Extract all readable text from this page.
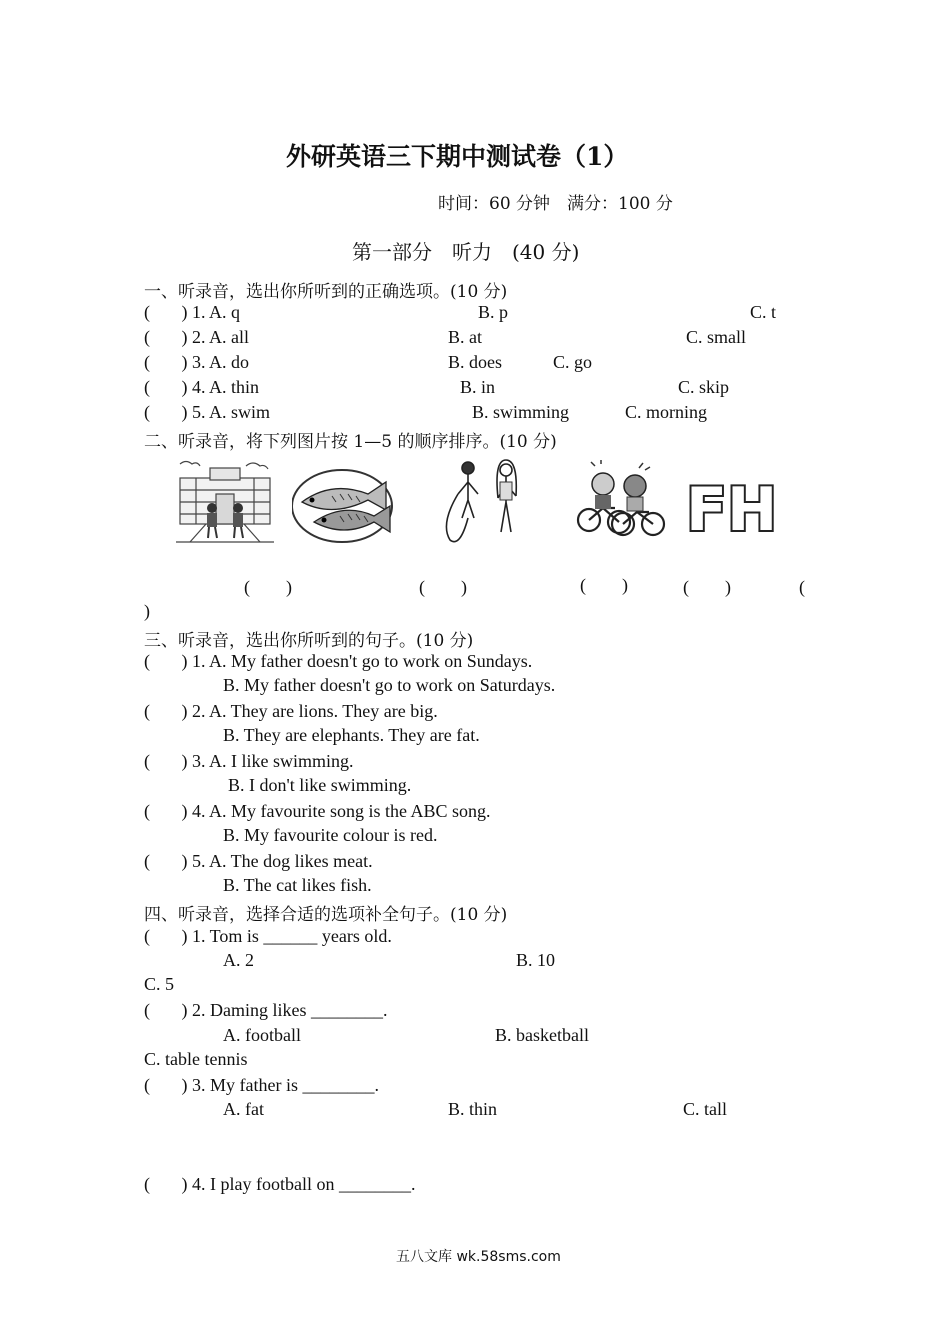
外研英语三下期中测试卷（1）
时间：60 分钟　满分：100 分
第一部分　听力　(40 分)
一、听录音，选出你所听到的正确选项。(10 分)
(       ) 1. A. q	B. p	C. t
(       ) 2. A. all	B. at	C. small
(       ) 3. A. do	B. does	C. go
(       ) 4. A. thin	B. in	C. skip
(       ) 5. A. swim	B. swimming	C. morning
二、听录音，将下列图片按 1—5 的顺序排序。(10 分)
FH
(        )	(        )	(        )	(        )	(
)
三、听录音，选出你所听到的句子。(10 分)
(       ) 1. A. My father doesn't go to work on Sundays.
B. My father doesn't go to work on Saturdays.
(       ) 2. A. They are lions. They are big.
B. They are elephants. They are fat.
(       ) 3. A. I like swimming.
B. I don't like swimming.
(       ) 4. A. My favourite song is the ABC song.
B. My favourite colour is red.
(       ) 5. A. The dog likes meat.
B. The cat likes fish.
四、听录音，选择合适的选项补全句子。(10 分)
(       ) 1. Tom is ______ years old.
A. 2	B. 10
C. 5
(       ) 2. Daming likes ________.
A. football	B. basketball
C. table tennis
(       ) 3. My father is ________.
A. fat	B. thin	C. tall
(       ) 4. I play football on ________.
五八文库 wk.58sms.com
